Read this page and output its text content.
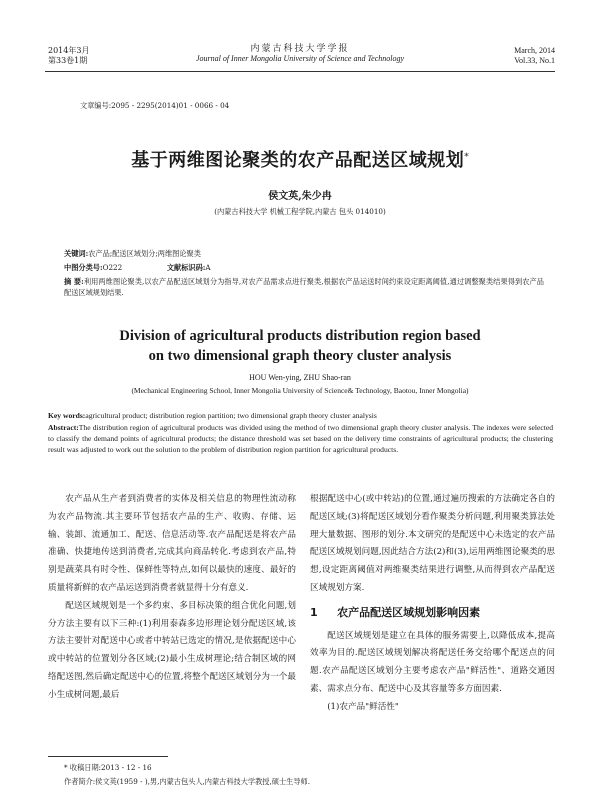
2014年3月
第33卷1期
内蒙古科技大学学报
Journal of Inner Mongolia University of Science and Technology
March, 2014
Vol.33, No.1
文章编号:2095 - 2295(2014)01 - 0066 - 04
基于两维图论聚类的农产品配送区域规划*
侯文英,朱少冉
(内蒙古科技大学 机械工程学院,内蒙古 包头 014010)
关键词:农产品;配送区域划分;两维图论聚类
中图分类号:O222	文献标识码:A
摘 要:利用两维图论聚类,以农产品配送区域划分为指导,对农产品需求点进行聚类,根据农产品运送时间约束设定距离阈值,通过调整聚类结果得到农产品配送区域规划结果.
Division of agricultural products distribution region based
on two dimensional graph theory cluster analysis
HOU Wen-ying, ZHU Shao-ran
(Mechanical Engineering School, Inner Mongolia University of Science& Technology, Baotou, Inner Mongolia)
Key words:agricultural product; distribution region partition; two dimensional graph theory cluster analysis
Abstract:The distribution region of agricultural products was divided using the method of two dimensional graph theory cluster analysis. The indexes were selected to classify the demand points of agricultural products; the distance threshold was set based on the delivery time constraints of agricultural products; the clustering result was adjusted to work out the solution to the problem of distribution region partition for agricultural products.

农产品从生产者到消费者的实体及相关信息的物理性流动称为农产品物流.其主要环节包括农产品的生产、收购、存储、运输、装卸、流通加工、配送、信息活动等.农产品配送是将农产品准确、快捷地传送到消费者,完成其向商品转化.考虑到农产品,特别是蔬菜具有时令性、保鲜性等特点,如何以最快的速度、最好的质量将新鲜的农产品运送到消费者就显得十分有意义.

配送区域规划是一个多约束、多目标决策的组合优化问题,划分方法主要有以下三种:(1)利用泰森多边形理论划分配送区域,该方法主要针对配送中心或者中转站已选定的情况,是依据配送中心或中转站的位置划分各区域;(2)最小生成树理论;结合制区域的网络配送图,然后确定配送中心的位置,将整个配送区域划分为一个最小生成树问题,最后

根据配送中心(或中转站)的位置,通过遍历搜索的方法确定各自的配送区域;(3)将配送区域划分看作聚类分析问题,利用聚类算法处理大量数据、图形的划分.本文研究的是配送中心未选定的农产品配送区域规划问题,因此结合方法(2)和(3),运用两维图论聚类的思想,设定距离阈值对两维聚类结果进行调整,从而得到农产品配送区域规划方案.
1 农产品配送区域规划影响因素

配送区域规划是建立在具体的服务需要上,以降低成本,提高效率为目的.配送区域规划解决将配送任务交给哪个配送点的问题.农产品配送区域划分主要考虑农产品"鲜活性"、道路交通因素、需求点分布、配送中心及其容量等多方面因素.

(1)农产品"鲜活性"

* 收稿日期:2013 - 12 - 16
作者简介:侯文英(1959 - ),男,内蒙古包头人,内蒙古科技大学教授,硕士生导师.
